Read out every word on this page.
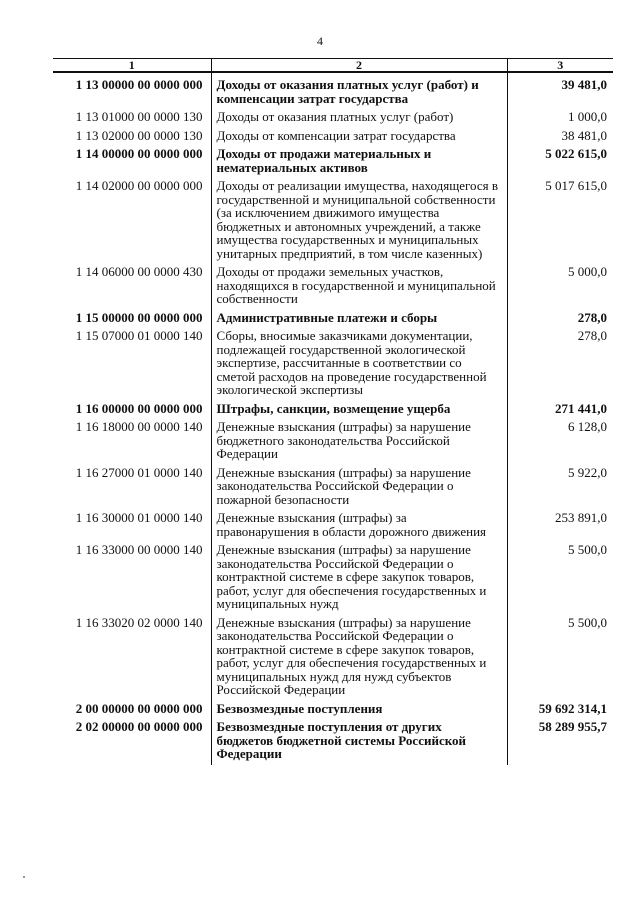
4
1	2	3
1 13 00000 00 0000 000	Доходы от оказания платных услуг (работ) и компенсации затрат государства	39 481,0
1 13 01000 00 0000 130	Доходы от оказания платных услуг (работ)	1 000,0
1 13 02000 00 0000 130	Доходы от компенсации затрат государства	38 481,0
1 14 00000 00 0000 000	Доходы от продажи материальных и нематериальных активов	5 022 615,0
1 14 02000 00 0000 000	Доходы от реализации имущества, находящегося в государственной и муниципальной собственности (за исключением движимого имущества бюджетных и автономных учреждений, а также имущества государственных и муниципальных унитарных предприятий, в том числе казенных)	5 017 615,0
1 14 06000 00 0000 430	Доходы от продажи земельных участков, находящихся в государственной и муниципальной собственности	5 000,0
1 15 00000 00 0000 000	Административные платежи и сборы	278,0
1 15 07000 01 0000 140	Сборы, вносимые заказчиками документации, подлежащей государственной экологической экспертизе, рассчитанные в соответствии со сметой расходов на проведение государственной экологической экспертизы	278,0
1 16 00000 00 0000 000	Штрафы, санкции, возмещение ущерба	271 441,0
1 16 18000 00 0000 140	Денежные взыскания (штрафы) за нарушение бюджетного законодательства Российской Федерации	6 128,0
1 16 27000 01 0000 140	Денежные взыскания (штрафы) за нарушение законодательства Российской Федерации о пожарной безопасности	5 922,0
1 16 30000 01 0000 140	Денежные взыскания (штрафы) за правонарушения в области дорожного движения	253 891,0
1 16 33000 00 0000 140	Денежные взыскания (штрафы) за нарушение законодательства Российской Федерации о контрактной системе в сфере закупок товаров, работ, услуг для обеспечения государственных и муниципальных нужд	5 500,0
1 16 33020 02 0000 140	Денежные взыскания (штрафы) за нарушение законодательства Российской Федерации о контрактной системе в сфере закупок товаров, работ, услуг для обеспечения государственных и муниципальных нужд для нужд субъектов Российской Федерации	5 500,0
2 00 00000 00 0000 000	Безвозмездные поступления	59 692 314,1
2 02 00000 00 0000 000	Безвозмездные поступления от других бюджетов бюджетной системы Российской Федерации	58 289 955,7
